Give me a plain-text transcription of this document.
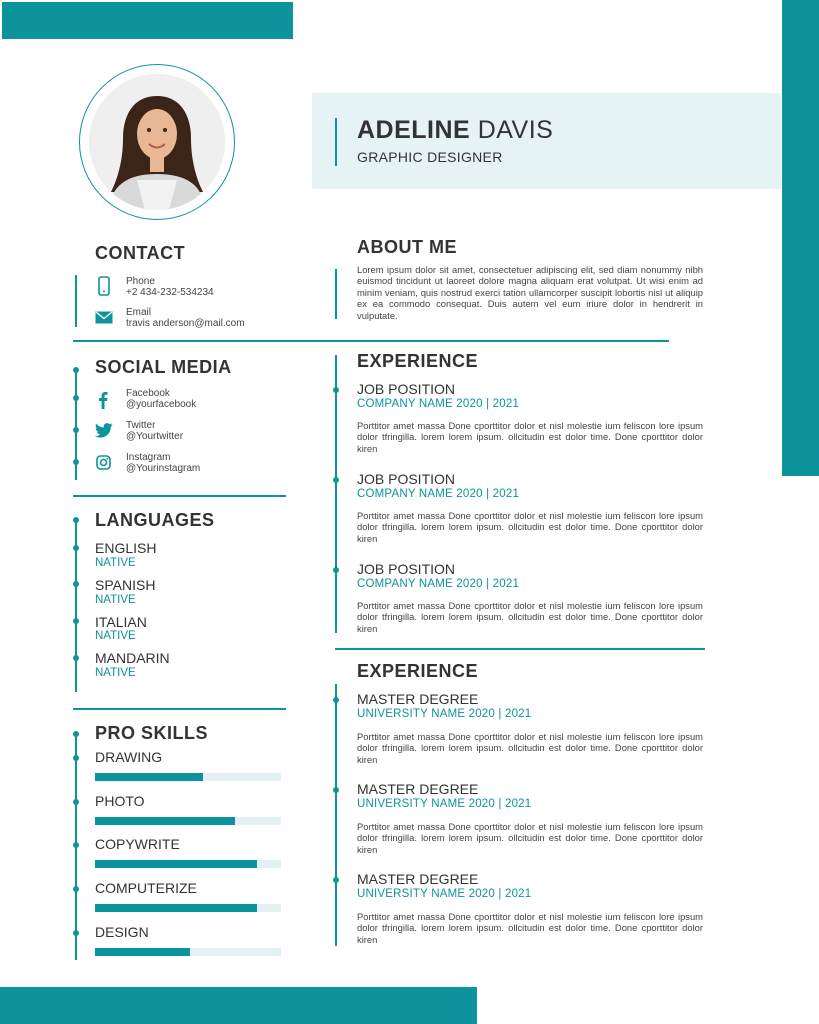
ADELINE DAVIS
GRAPHIC DESIGNER
CONTACT
Phone
+2 434-232-534234
Email
travis anderson@mail.com
SOCIAL MEDIA
Facebook
@yourfacebook
Twitter
@Yourtwitter
Instagram
@Yourinstagram
LANGUAGES
ENGLISH
NATIVE
SPANISH
NATIVE
ITALIAN
NATIVE
MANDARIN
NATIVE
PRO SKILLS
DRAWING
PHOTO
COPYWRITE
COMPUTERIZE
DESIGN
ABOUT ME
Lorem ipsum dolor sit amet, consectetuer adipiscing elit, sed diam nonummy nibh euismod tincidunt ut laoreet dolore magna aliquam erat volutpat. Ut wisi enim ad minim veniam, quis nostrud exerci tation ullamcorper suscipit lobortis nisl ut aliquip ex ea commodo consequat. Duis autem vel eum iriure dolor in hendrerit in vulputate.
EXPERIENCE
JOB POSITION
COMPANY NAME 2020 | 2021
Porttitor amet massa Done cporttitor dolor et nisl molestie ium feliscon lore ipsum dolor tfringilla. lorem lorem ipsum. ollcitudin est dolor time. Done cporttitor dolor kiren
JOB POSITION
COMPANY NAME 2020 | 2021
Porttitor amet massa Done cporttitor dolor et nisl molestie ium feliscon lore ipsum dolor tfringilla. lorem lorem ipsum. ollcitudin est dolor time. Done cporttitor dolor kiren
JOB POSITION
COMPANY NAME 2020 | 2021
Porttitor amet massa Done cporttitor dolor et nisl molestie ium feliscon lore ipsum dolor tfringilla. lorem lorem ipsum. ollcitudin est dolor time. Done cporttitor dolor kiren
EXPERIENCE
MASTER DEGREE
UNIVERSITY NAME 2020 | 2021
Porttitor amet massa Done cporttitor dolor et nisl molestie ium feliscon lore ipsum dolor tfringilla. lorem lorem ipsum. ollcitudin est dolor time. Done cporttitor dolor kiren
MASTER DEGREE
UNIVERSITY NAME 2020 | 2021
Porttitor amet massa Done cporttitor dolor et nisl molestie ium feliscon lore ipsum dolor tfringilla. lorem lorem ipsum. ollcitudin est dolor time. Done cporttitor dolor kiren
MASTER DEGREE
UNIVERSITY NAME 2020 | 2021
Porttitor amet massa Done cporttitor dolor et nisl molestie ium feliscon lore ipsum dolor tfringilla. lorem lorem ipsum. ollcitudin est dolor time. Done cporttitor dolor kiren
